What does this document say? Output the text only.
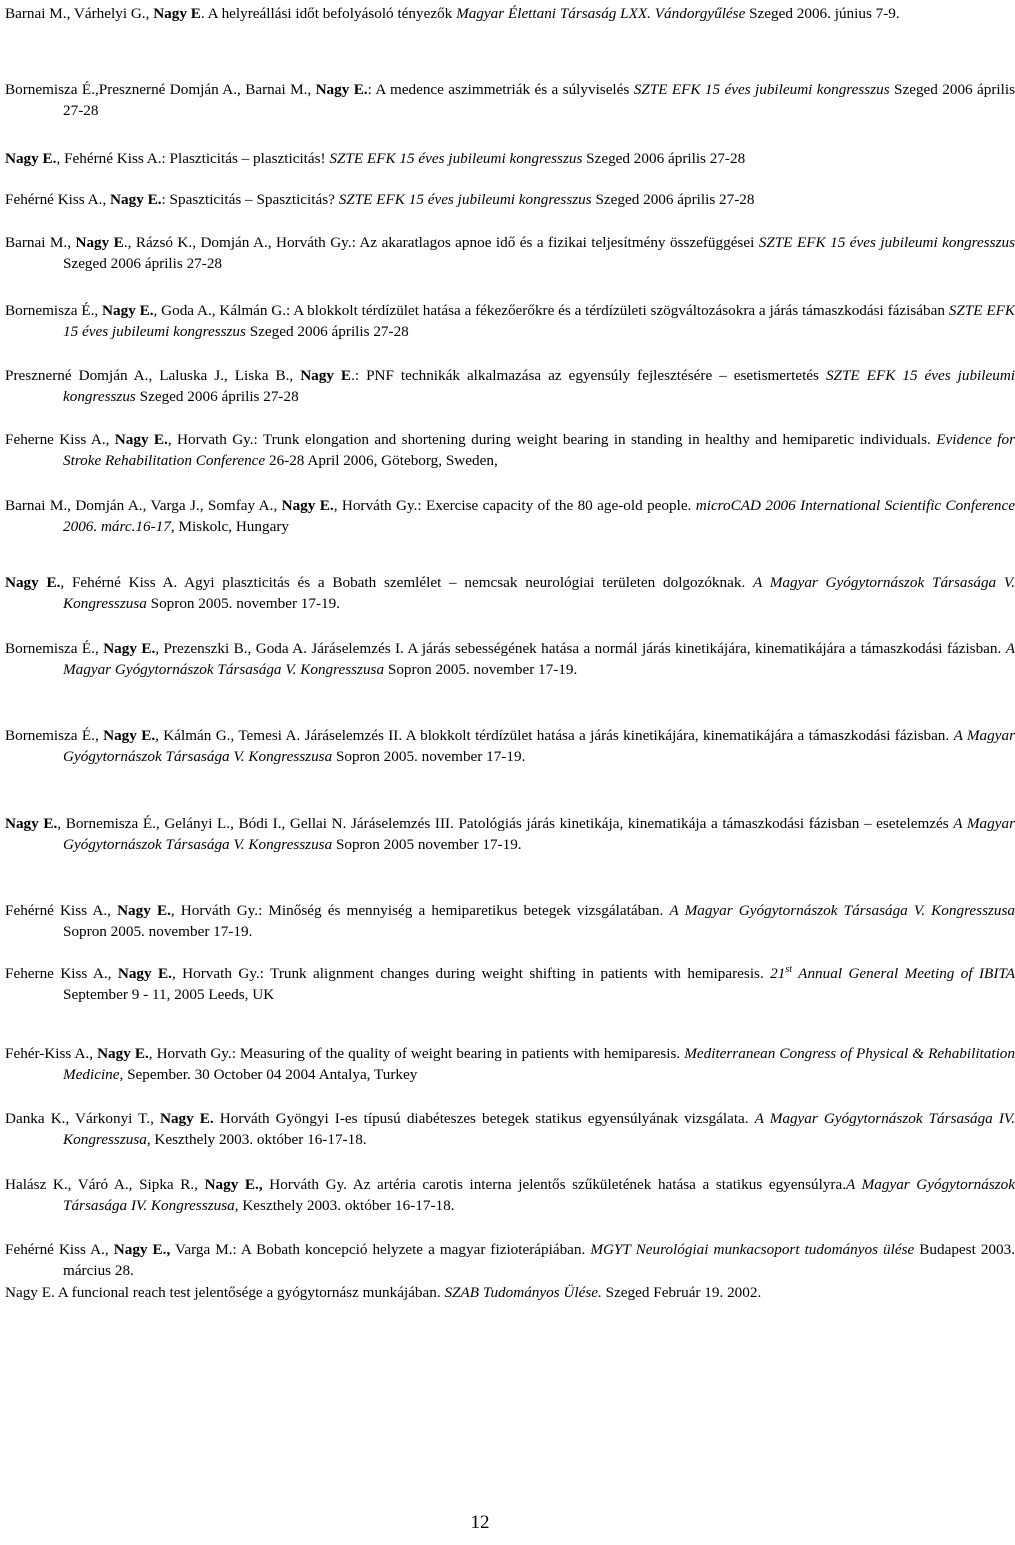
Barnai M., Várhelyi G., Nagy E. A helyreállási időt befolyásoló tényezők Magyar Élettani Társaság LXX. Vándorgyűlése Szeged 2006. június 7-9.
Bornemisza É.,Presznerné Domján A., Barnai M., Nagy E.: A medence aszimmetriák és a súlyviselés SZTE EFK 15 éves jubileumi kongresszus Szeged 2006 április 27-28
Nagy E., Fehérné Kiss A.: Plaszticitás – plaszticitás! SZTE EFK 15 éves jubileumi kongresszus Szeged 2006 április 27-28
Fehérné Kiss A., Nagy E.: Spaszticitás – Spaszticitás? SZTE EFK 15 éves jubileumi kongresszus Szeged 2006 április 27-28
Barnai M., Nagy E., Rázsó K., Domján A., Horváth Gy.: Az akaratlagos apnoe idő és a fizikai teljesítmény összefüggései SZTE EFK 15 éves jubileumi kongresszus Szeged 2006 április 27-28
Bornemisza É., Nagy E., Goda A., Kálmán G.: A blokkolt térdízület hatása a fékezőerőkre és a térdízületi szögváltozásokra a járás támaszkodási fázisában SZTE EFK 15 éves jubileumi kongresszus Szeged 2006 április 27-28
Presznerné Domján A., Laluska J., Liska B., Nagy E.: PNF technikák alkalmazása az egyensúly fejlesztésére – esetismertetés SZTE EFK 15 éves jubileumi kongresszus Szeged 2006 április 27-28
Feherne Kiss A., Nagy E., Horvath Gy.: Trunk elongation and shortening during weight bearing in standing in healthy and hemiparetic individuals. Evidence for Stroke Rehabilitation Conference 26-28 April 2006, Göteborg, Sweden,
Barnai M., Domján A., Varga J., Somfay A., Nagy E., Horváth Gy.: Exercise capacity of the 80 age-old people. microCAD 2006 International Scientific Conference 2006. márc.16-17, Miskolc, Hungary
Nagy E., Fehérné Kiss A. Agyi plaszticitás és a Bobath szemlélet – nemcsak neurológiai területen dolgozóknak. A Magyar Gyógytornászok Társasága V. Kongresszusa Sopron 2005. november 17-19.
Bornemisza É., Nagy E., Prezenszki B., Goda A. Járáselemzés I. A járás sebességének hatása a normál járás kinetikájára, kinematikájára a támaszkodási fázisban. A Magyar Gyógytornászok Társasága V. Kongresszusa Sopron 2005. november 17-19.
Bornemisza É., Nagy E., Kálmán G., Temesi A. Járáselemzés II. A blokkolt térdízület hatása a járás kinetikájára, kinematikájára a támaszkodási fázisban. A Magyar Gyógytornászok Társasága V. Kongresszusa Sopron 2005. november 17-19.
Nagy E., Bornemisza É., Gelányi L., Bódi I., Gellai N. Járáselemzés III. Patológiás járás kinetikája, kinematikája a támaszkodási fázisban – esetelemzés A Magyar Gyógytornászok Társasága V. Kongresszusa Sopron 2005 november 17-19.
Fehérné Kiss A., Nagy E., Horváth Gy.: Minőség és mennyiség a hemiparetikus betegek vizsgálatában. A Magyar Gyógytornászok Társasága V. Kongresszusa Sopron 2005. november 17-19.
Feherne Kiss A., Nagy E., Horvath Gy.: Trunk alignment changes during weight shifting in patients with hemiparesis. 21st Annual General Meeting of IBITA September 9 - 11, 2005 Leeds, UK
Fehér-Kiss A., Nagy E., Horvath Gy.: Measuring of the quality of weight bearing in patients with hemiparesis. Mediterranean Congress of Physical & Rehabilitation Medicine, Sepember. 30 October 04 2004 Antalya, Turkey
Danka K., Várkonyi T., Nagy E. Horváth Gyöngyi I-es típusú diabéteszes betegek statikus egyensúlyának vizsgálata. A Magyar Gyógytornászok Társasága IV. Kongresszusa, Keszthely 2003. október 16-17-18.
Halász K., Váró A., Sipka R., Nagy E., Horváth Gy. Az artéria carotis interna jelentős szűkületének hatása a statikus egyensúlyra.A Magyar Gyógytornászok Társasága IV. Kongresszusa, Keszthely 2003. október 16-17-18.
Fehérné Kiss A., Nagy E., Varga M.: A Bobath koncepció helyzete a magyar fizioterápiában. MGYT Neurológiai munkacsoport tudományos ülése Budapest 2003. március 28.
Nagy E. A funcional reach test jelentősége a gyógytornász munkájában. SZAB Tudományos Ülése. Szeged Február 19. 2002.
12
